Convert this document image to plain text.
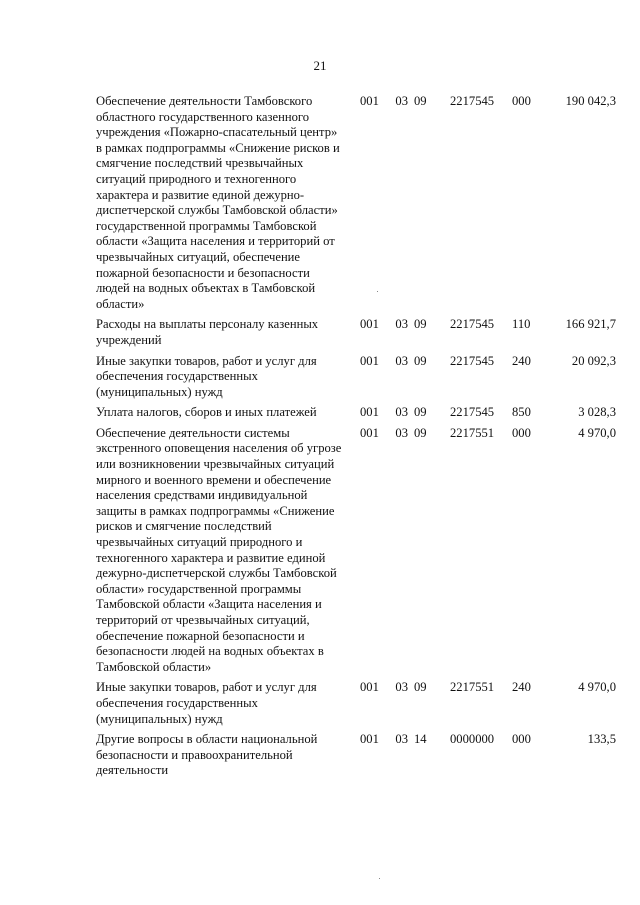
21
Обеспечение деятельности Тамбовского областного государственного казенного учреждения «Пожарно-спасательный центр» в рамках подпрограммы «Снижение рисков и смягчение последствий чрезвычайных ситуаций природного и техногенного характера и развитие единой дежурно-диспетчерской службы Тамбовской области» государственной программы Тамбовской области «Защита населения и территорий от чрезвычайных ситуаций, обеспечение пожарной безопасности и безопасности людей на водных объектах в Тамбовской области»	001	03	09	2217545	000	190 042,3
Расходы на выплаты персоналу казенных учреждений	001	03	09	2217545	110	166 921,7
Иные закупки товаров, работ и услуг для обеспечения государственных (муниципальных) нужд	001	03	09	2217545	240	20 092,3
Уплата налогов, сборов и иных платежей	001	03	09	2217545	850	3 028,3
Обеспечение деятельности системы экстренного оповещения населения об угрозе или возникновении чрезвычайных ситуаций мирного и военного времени и обеспечение населения средствами индивидуальной защиты в рамках подпрограммы «Снижение рисков и смягчение последствий чрезвычайных ситуаций природного и техногенного характера и развитие единой дежурно-диспетчерской службы Тамбовской области» государственной программы Тамбовской области «Защита населения и территорий от чрезвычайных ситуаций, обеспечение пожарной безопасности и безопасности людей на водных объектах в Тамбовской области»	001	03	09	2217551	000	4 970,0
Иные закупки товаров, работ и услуг для обеспечения государственных (муниципальных) нужд	001	03	09	2217551	240	4 970,0
Другие вопросы в области национальной безопасности и правоохранительной деятельности	001	03	14	0000000	000	133,5
